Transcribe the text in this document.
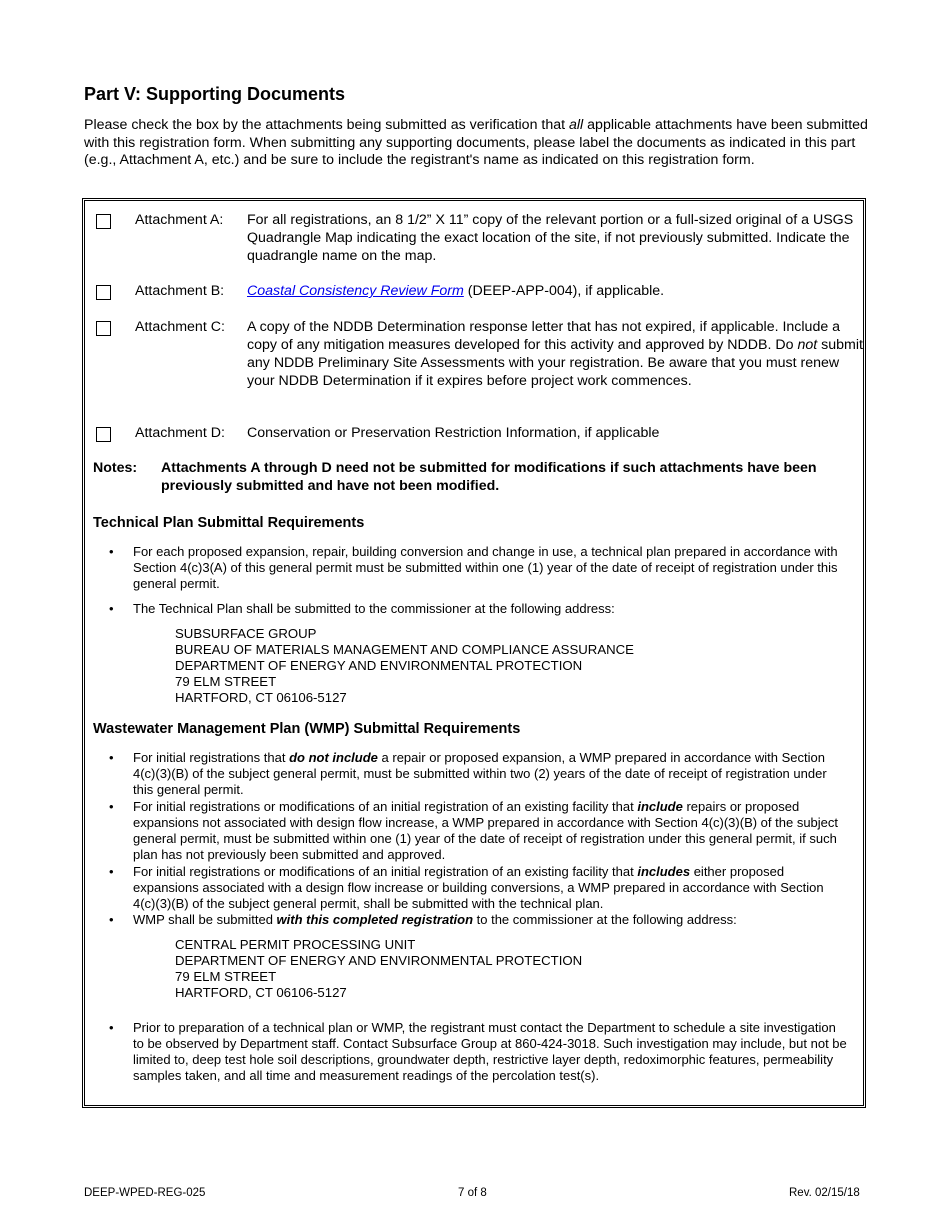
Part V: Supporting Documents
Please check the box by the attachments being submitted as verification that all applicable attachments have been submitted with this registration form. When submitting any supporting documents, please label the documents as indicated in this part (e.g., Attachment A, etc.) and be sure to include the registrant's name as indicated on this registration form.
Attachment A: For all registrations, an 8 1/2” X 11” copy of the relevant portion or a full-sized original of a USGS Quadrangle Map indicating the exact location of the site, if not previously submitted. Indicate the quadrangle name on the map.
Attachment B: Coastal Consistency Review Form (DEEP-APP-004), if applicable.
Attachment C: A copy of the NDDB Determination response letter that has not expired, if applicable. Include a copy of any mitigation measures developed for this activity and approved by NDDB. Do not submit any NDDB Preliminary Site Assessments with your registration. Be aware that you must renew your NDDB Determination if it expires before project work commences.
Attachment D: Conservation or Preservation Restriction Information, if applicable
Notes: Attachments A through D need not be submitted for modifications if such attachments have been previously submitted and have not been modified.
Technical Plan Submittal Requirements
• For each proposed expansion, repair, building conversion and change in use, a technical plan prepared in accordance with Section 4(c)3(A) of this general permit must be submitted within one (1) year of the date of receipt of registration under this general permit.
• The Technical Plan shall be submitted to the commissioner at the following address:
SUBSURFACE GROUP
BUREAU OF MATERIALS MANAGEMENT AND COMPLIANCE ASSURANCE
DEPARTMENT OF ENERGY AND ENVIRONMENTAL PROTECTION
79 ELM STREET
HARTFORD, CT 06106-5127
Wastewater Management Plan (WMP) Submittal Requirements
• For initial registrations that do not include a repair or proposed expansion, a WMP prepared in accordance with Section 4(c)(3)(B) of the subject general permit, must be submitted within two (2) years of the date of receipt of registration under this general permit.
• For initial registrations or modifications of an initial registration of an existing facility that include repairs or proposed expansions not associated with design flow increase, a WMP prepared in accordance with Section 4(c)(3)(B) of the subject general permit, must be submitted within one (1) year of the date of receipt of registration under this general permit, if such plan has not previously been submitted and approved.
• For initial registrations or modifications of an initial registration of an existing facility that includes either proposed expansions associated with a design flow increase or building conversions, a WMP prepared in accordance with Section 4(c)(3)(B) of the subject general permit, shall be submitted with the technical plan.
• WMP shall be submitted with this completed registration to the commissioner at the following address:
CENTRAL PERMIT PROCESSING UNIT
DEPARTMENT OF ENERGY AND ENVIRONMENTAL PROTECTION
79 ELM STREET
HARTFORD, CT 06106-5127
• Prior to preparation of a technical plan or WMP, the registrant must contact the Department to schedule a site investigation to be observed by Department staff. Contact Subsurface Group at 860-424-3018. Such investigation may include, but not be limited to, deep test hole soil descriptions, groundwater depth, restrictive layer depth, redoximorphic features, permeability samples taken, and all time and measurement readings of the percolation test(s).
DEEP-WPED-REG-025	7 of 8	Rev. 02/15/18
